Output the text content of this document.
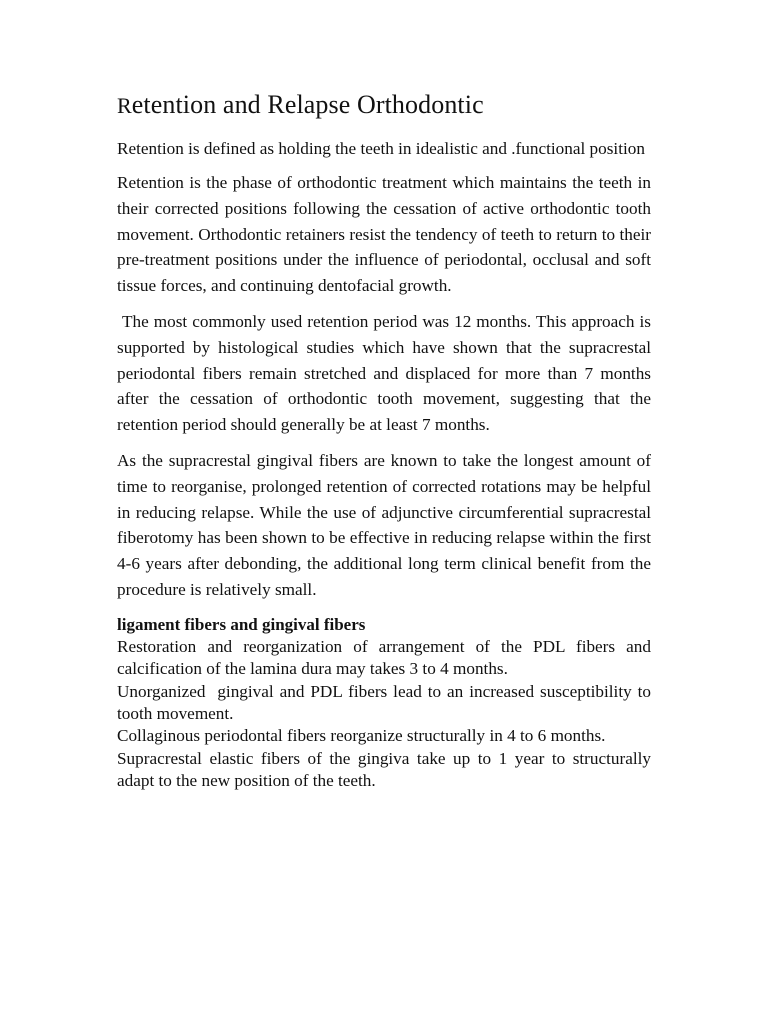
Retention and Relapse Orthodontic

Retention is defined as holding the teeth in idealistic and .functional position

Retention is the phase of orthodontic treatment which maintains the teeth in their corrected positions following the cessation of active orthodontic tooth movement. Orthodontic retainers resist the tendency of teeth to return to their pre-treatment positions under the influence of periodontal, occlusal and soft tissue forces, and continuing dentofacial growth.

The most commonly used retention period was 12 months. This approach is supported by histological studies which have shown that the supracrestal periodontal fibers remain stretched and displaced for more than 7 months after the cessation of orthodontic tooth movement, suggesting that the retention period should generally be at least 7 months.

As the supracrestal gingival fibers are known to take the longest amount of time to reorganise, prolonged retention of corrected rotations may be helpful in reducing relapse. While the use of adjunctive circumferential supracrestal fiberotomy has been shown to be effective in reducing relapse within the first 4-6 years after debonding, the additional long term clinical benefit from the procedure is relatively small.

ligament fibers and gingival fibers

Restoration and reorganization of arrangement of the PDL fibers and calcification of the lamina dura may takes 3 to 4 months.

Unorganized  gingival and PDL fibers lead to an increased susceptibility to tooth movement.

Collaginous periodontal fibers reorganize structurally in 4 to 6 months.

Supracrestal elastic fibers of the gingiva take up to 1 year to structurally adapt to the new position of the teeth.
